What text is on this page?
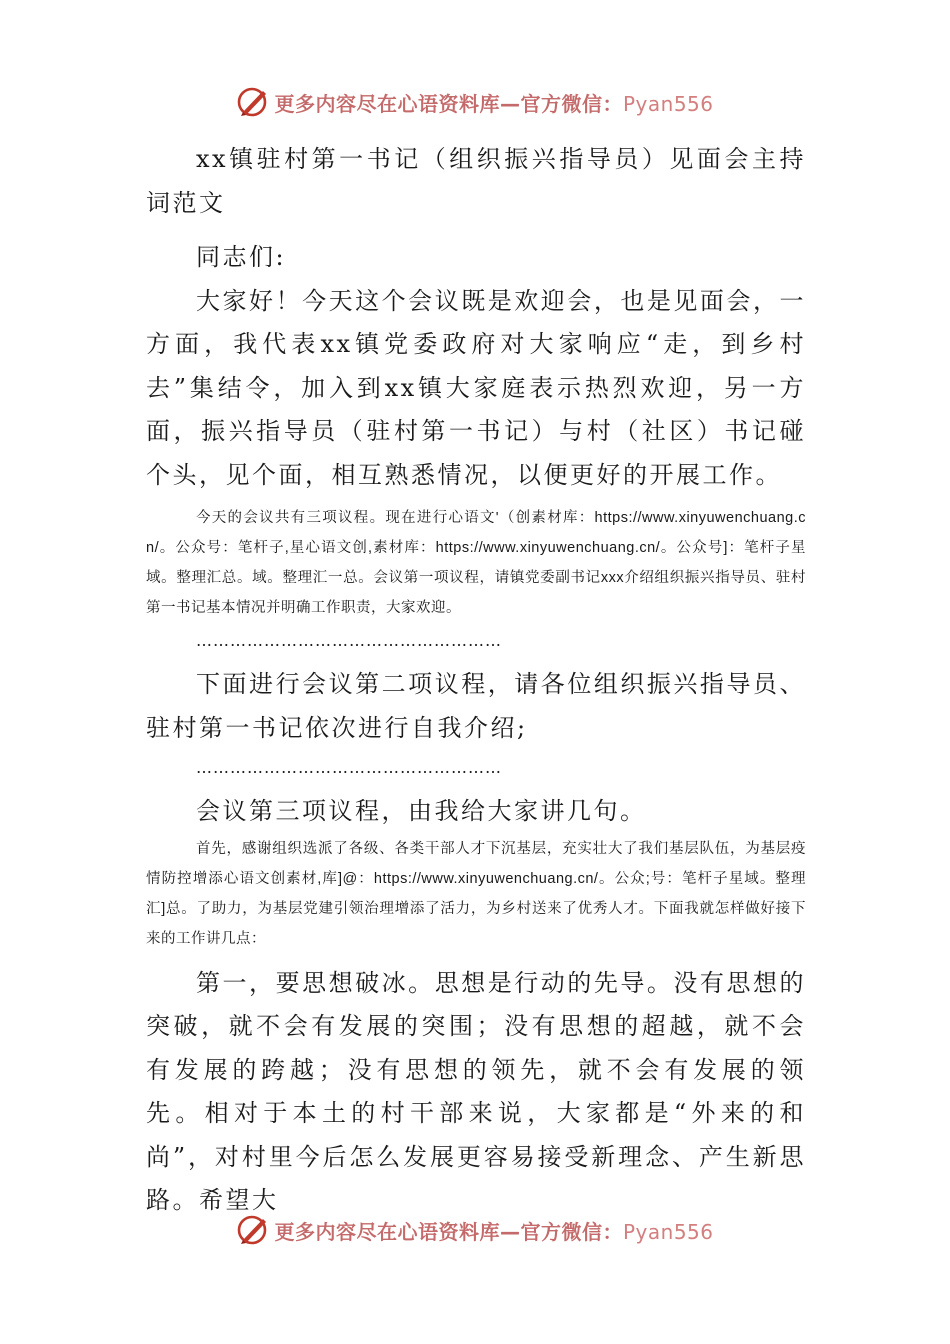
更多内容尽在心语资料库—官方微信：Pyan556

xx镇驻村第一书记（组织振兴指导员）见面会主持词范文

同志们:

大家好！今天这个会议既是欢迎会，也是见面会，一方面，我代表xx镇党委政府对大家响应“走，到乡村去”集结令，加入到xx镇大家庭表示热烈欢迎，另一方面，振兴指导员（驻村第一书记）与村（社区）书记碰个头，见个面，相互熟悉情况，以便更好的开展工作。

今天的会议共有三项议程。现在进行心语文'（创素材库：https://www.xinyuwenchuang.cn/。公众号：笔杆子,星心语文创,素材库：https://www.xinyuwenchuang.cn/。公众号]：笔杆子星域。整理汇总。域。整理汇一总。会议第一项议程，请镇党委副书记xxx介绍组织振兴指导员、驻村第一书记基本情况并明确工作职责，大家欢迎。

………………………………………………

下面进行会议第二项议程，请各位组织振兴指导员、驻村第一书记依次进行自我介绍;

………………………………………………

会议第三项议程，由我给大家讲几句。

首先，感谢组织选派了各级、各类干部人才下沉基层，充实壮大了我们基层队伍，为基层疫情防控增添心语文创素材,库]@：https://www.xinyuwenchuang.cn/。公众;号：笔杆子星域。整理汇]总。了助力，为基层党建引领治理增添了活力，为乡村送来了优秀人才。下面我就怎样做好接下来的工作讲几点：

第一，要思想破冰。思想是行动的先导。没有思想的突破，就不会有发展的突围；没有思想的超越，就不会有发展的跨越；没有思想的领先，就不会有发展的领先。相对于本土的村干部来说，大家都是“外来的和尚”，对村里今后怎么发展更容易接受新理念、产生新思路。希望大

更多内容尽在心语资料库—官方微信：Pyan556
